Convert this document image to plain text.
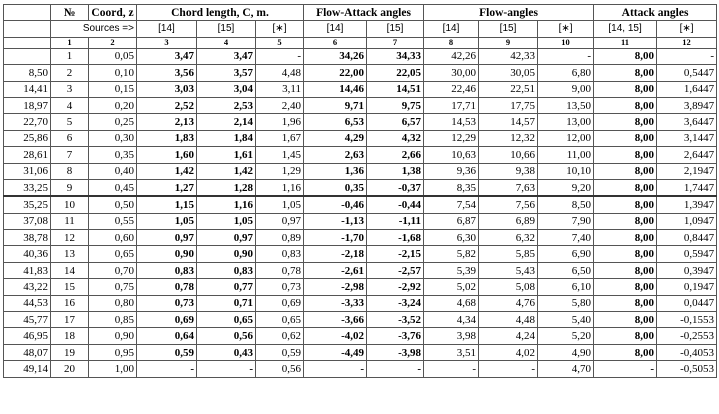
	№	Coord, z	Chord length, C, m.			Flow-Attack angles		Flow-angles			Attack angles	
	Sources =>		[14]	[15]	[∗]	[14]	[15]	[14]	[15]	[∗]	[14, 15]	[∗]
	1	2	3	4	5	6	7	8	9	10	11	12
	1	0,05	3,47	3,47	-	34,26	34,33	42,26	42,33	-	8,00	-
8,50	2	0,10	3,56	3,57	4,48	22,00	22,05	30,00	30,05	6,80	8,00	0,5447
14,41	3	0,15	3,03	3,04	3,11	14,46	14,51	22,46	22,51	9,00	8,00	1,6447
18,97	4	0,20	2,52	2,53	2,40	9,71	9,75	17,71	17,75	13,50	8,00	3,8947
22,70	5	0,25	2,13	2,14	1,96	6,53	6,57	14,53	14,57	13,00	8,00	3,6447
25,86	6	0,30	1,83	1,84	1,67	4,29	4,32	12,29	12,32	12,00	8,00	3,1447
28,61	7	0,35	1,60	1,61	1,45	2,63	2,66	10,63	10,66	11,00	8,00	2,6447
31,06	8	0,40	1,42	1,42	1,29	1,36	1,38	9,36	9,38	10,10	8,00	2,1947
33,25	9	0,45	1,27	1,28	1,16	0,35	-0,37	8,35	7,63	9,20	8,00	1,7447
35,25	10	0,50	1,15	1,16	1,05	-0,46	-0,44	7,54	7,56	8,50	8,00	1,3947
37,08	11	0,55	1,05	1,05	0,97	-1,13	-1,11	6,87	6,89	7,90	8,00	1,0947
38,78	12	0,60	0,97	0,97	0,89	-1,70	-1,68	6,30	6,32	7,40	8,00	0,8447
40,36	13	0,65	0,90	0,90	0,83	-2,18	-2,15	5,82	5,85	6,90	8,00	0,5947
41,83	14	0,70	0,83	0,83	0,78	-2,61	-2,57	5,39	5,43	6,50	8,00	0,3947
43,22	15	0,75	0,78	0,77	0,73	-2,98	-2,92	5,02	5,08	6,10	8,00	0,1947
44,53	16	0,80	0,73	0,71	0,69	-3,33	-3,24	4,68	4,76	5,80	8,00	0,0447
45,77	17	0,85	0,69	0,65	0,65	-3,66	-3,52	4,34	4,48	5,40	8,00	-0,1553
46,95	18	0,90	0,64	0,56	0,62	-4,02	-3,76	3,98	4,24	5,20	8,00	-0,2553
48,07	19	0,95	0,59	0,43	0,59	-4,49	-3,98	3,51	4,02	4,90	8,00	-0,4053
49,14	20	1,00	-	-	0,56	-	-	-	-	4,70	-	-0,5053
